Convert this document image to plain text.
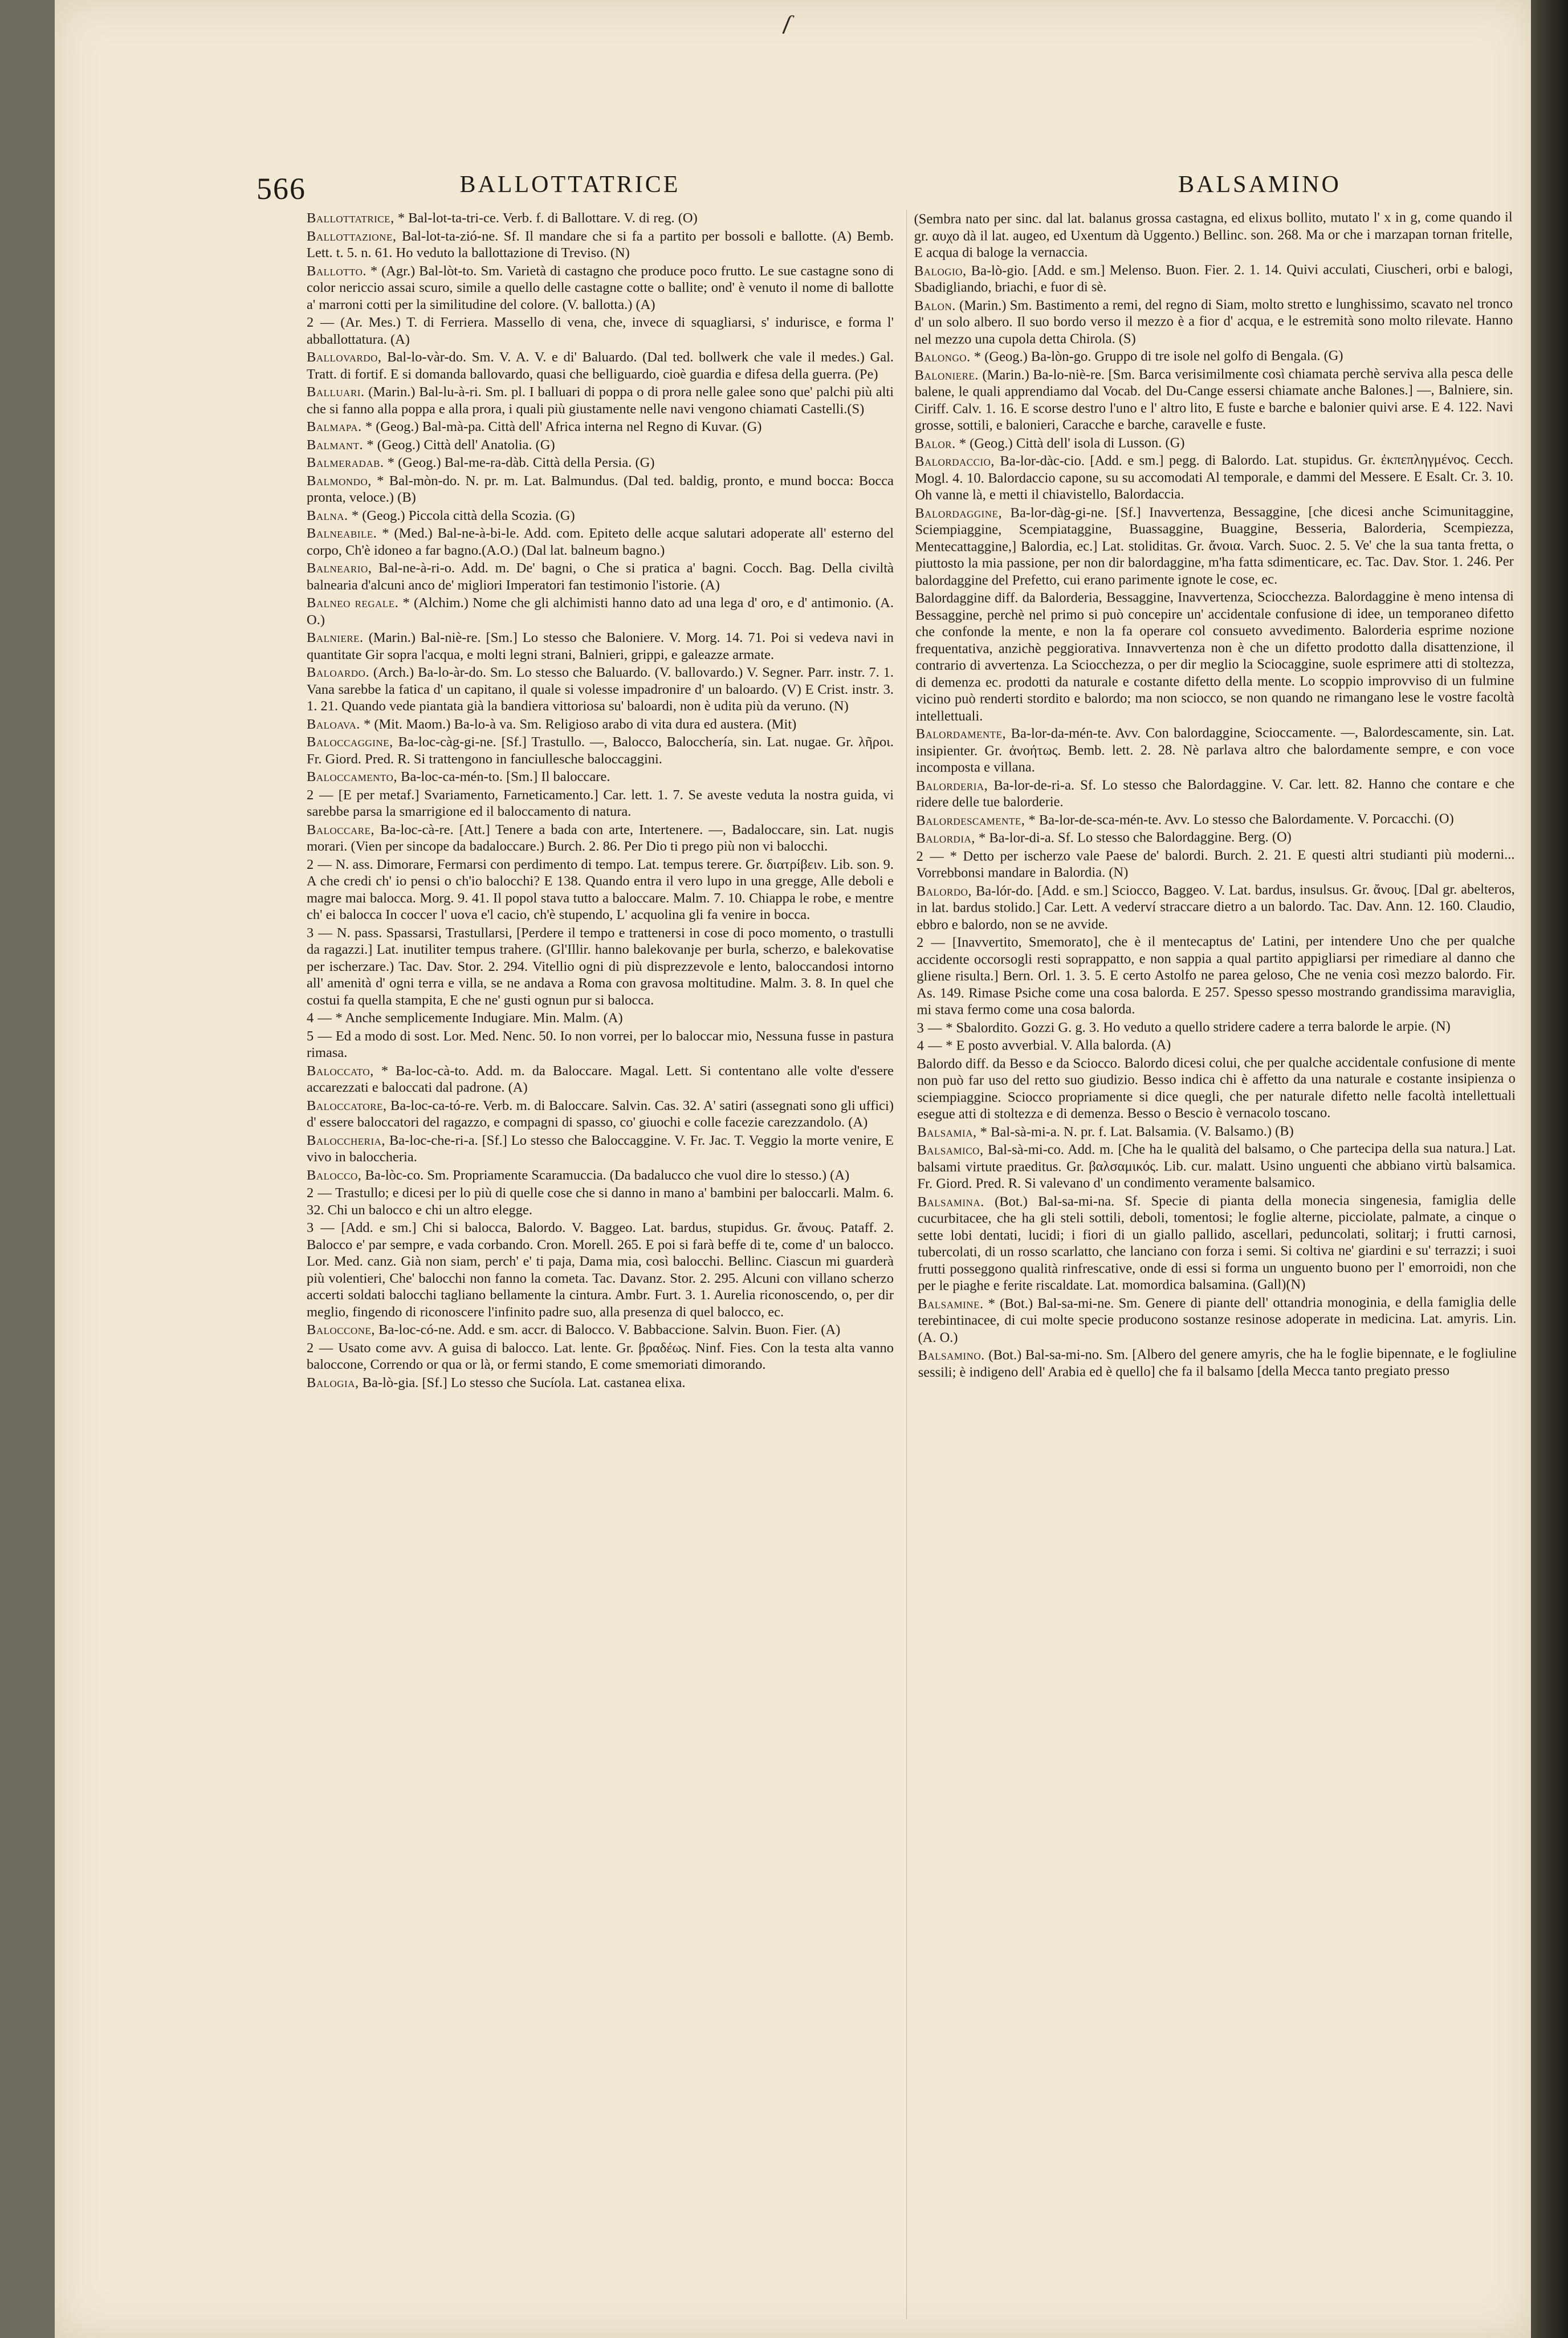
ſ
566	BALLOTTATRICE	BALSAMINO

Ballottatrice, * Bal-lot-ta-tri-ce. Verb. f. di Ballottare. V. di reg. (O)

Ballottazione, Bal-lot-ta-zió-ne. Sf. Il mandare che si fa a partito per bossoli e ballotte. (A) Bemb. Lett. t. 5. n. 61. Ho veduto la ballottazione di Treviso. (N)

Ballotto. * (Agr.) Bal-lòt-to. Sm. Varietà di castagno che produce poco frutto. Le sue castagne sono di color nericcio assai scuro, simile a quello delle castagne cotte o ballite; ond' è venuto il nome di ballotte a' marroni cotti per la similitudine del colore. (V. ballotta.) (A)

2 — (Ar. Mes.) T. di Ferriera. Massello di vena, che, invece di squagliarsi, s' indurisce, e forma l' abballottatura. (A)

Ballovardo, Bal-lo-vàr-do. Sm. V. A. V. e di' Baluardo. (Dal ted. bollwerk che vale il medes.) Gal. Tratt. di fortif. E si domanda ballovardo, quasi che belliguardo, cioè guardia e difesa della guerra. (Pe)

Balluari. (Marin.) Bal-lu-à-ri. Sm. pl. I balluari di poppa o di prora nelle galee sono que' palchi più alti che si fanno alla poppa e alla prora, i quali più giustamente nelle navi vengono chiamati Castelli.(S)

Balmapa. * (Geog.) Bal-mà-pa. Città dell' Africa interna nel Regno di Kuvar. (G)

Balmant. * (Geog.) Città dell' Anatolia. (G)

Balmeradab. * (Geog.) Bal-me-ra-dàb. Città della Persia. (G)

Balmondo, * Bal-mòn-do. N. pr. m. Lat. Balmundus. (Dal ted. baldig, pronto, e mund bocca: Bocca pronta, veloce.) (B)

Balna. * (Geog.) Piccola città della Scozia. (G)

Balneabile. * (Med.) Bal-ne-à-bi-le. Add. com. Epiteto delle acque salutari adoperate all' esterno del corpo, Ch'è idoneo a far bagno.(A.O.) (Dal lat. balneum bagno.)

Balneario, Bal-ne-à-ri-o. Add. m. De' bagni, o Che si pratica a' bagni. Cocch. Bag. Della civiltà balnearia d'alcuni anco de' migliori Imperatori fan testimonio l'istorie. (A)

Balneo regale. * (Alchim.) Nome che gli alchimisti hanno dato ad una lega d' oro, e d' antimonio. (A. O.)

Balniere. (Marin.) Bal-niè-re. [Sm.] Lo stesso che Baloniere. V. Morg. 14. 71. Poi si vedeva navi in quantitate Gir sopra l'acqua, e molti legni strani, Balnieri, grippi, e galeazze armate.

Baloardo. (Arch.) Ba-lo-àr-do. Sm. Lo stesso che Baluardo. (V. ballovardo.) V. Segner. Parr. instr. 7. 1. Vana sarebbe la fatica d' un capitano, il quale si volesse impadronire d' un baloardo. (V) E Crist. instr. 3. 1. 21. Quando vede piantata già la bandiera vittoriosa su' baloardi, non è udita più da veruno. (N)

Baloava. * (Mit. Maom.) Ba-lo-à va. Sm. Religioso arabo di vita dura ed austera. (Mit)

Baloccaggine, Ba-loc-càg-gi-ne. [Sf.] Trastullo. —, Balocco, Balocchería, sin. Lat. nugae. Gr. λῆροι. Fr. Giord. Pred. R. Si trattengono in fanciullesche baloccaggini.

Baloccamento, Ba-loc-ca-mén-to. [Sm.] Il baloccare.

2 — [E per metaf.] Svariamento, Farneticamento.] Car. lett. 1. 7. Se aveste veduta la nostra guida, vi sarebbe parsa la smarrigione ed il baloccamento di natura.

Baloccare, Ba-loc-cà-re. [Att.] Tenere a bada con arte, Intertenere. —, Badaloccare, sin. Lat. nugis morari. (Vien per sincope da badaloccare.) Burch. 2. 86. Per Dio ti prego più non vi balocchi.

2 — N. ass. Dimorare, Fermarsi con perdimento di tempo. Lat. tempus terere. Gr. διατρίβειν. Lib. son. 9. A che credi ch' io pensi o ch'io balocchi? E 138. Quando entra il vero lupo in una gregge, Alle deboli e magre mai balocca. Morg. 9. 41. Il popol stava tutto a baloccare. Malm. 7. 10. Chiappa le robe, e mentre ch' ei balocca In coccer l' uova e'l cacio, ch'è stupendo, L' acquolina gli fa venire in bocca.

3 — N. pass. Spassarsi, Trastullarsi, [Perdere il tempo e trattenersi in cose di poco momento, o trastulli da ragazzi.] Lat. inutiliter tempus trahere. (Gl'Illir. hanno balekovanje per burla, scherzo, e balekovatise per ischerzare.) Tac. Dav. Stor. 2. 294. Vitellio ogni di più disprezzevole e lento, baloccandosi intorno all' amenità d' ogni terra e villa, se ne andava a Roma con gravosa moltitudine. Malm. 3. 8. In quel che costui fa quella stampita, E che ne' gusti ognun pur si balocca.

4 — * Anche semplicemente Indugiare. Min. Malm. (A)

5 — Ed a modo di sost. Lor. Med. Nenc. 50. Io non vorrei, per lo baloccar mio, Nessuna fusse in pastura rimasa.

Baloccato, * Ba-loc-cà-to. Add. m. da Baloccare. Magal. Lett. Si contentano alle volte d'essere accarezzati e baloccati dal padrone. (A)

Baloccatore, Ba-loc-ca-tó-re. Verb. m. di Baloccare. Salvin. Cas. 32. A' satiri (assegnati sono gli uffici) d' essere baloccatori del ragazzo, e compagni di spasso, co' giuochi e colle facezie carezzandolo. (A)

Baloccheria, Ba-loc-che-ri-a. [Sf.] Lo stesso che Baloccaggine. V. Fr. Jac. T. Veggio la morte venire, E vivo in baloccheria.

Balocco, Ba-lòc-co. Sm. Propriamente Scaramuccia. (Da badalucco che vuol dire lo stesso.) (A)

2 — Trastullo; e dicesi per lo più di quelle cose che si danno in mano a' bambini per baloccarli. Malm. 6. 32. Chi un balocco e chi un altro elegge.

3 — [Add. e sm.] Chi si balocca, Balordo. V. Baggeo. Lat. bardus, stupidus. Gr. ἄνους. Pataff. 2. Balocco e' par sempre, e vada corbando. Cron. Morell. 265. E poi si farà beffe di te, come d' un balocco. Lor. Med. canz. Già non siam, perch' e' ti paja, Dama mia, così balocchi. Bellinc. Ciascun mi guarderà più volentieri, Che' balocchi non fanno la cometa. Tac. Davanz. Stor. 2. 295. Alcuni con villano scherzo accerti soldati balocchi tagliano bellamente la cintura. Ambr. Furt. 3. 1. Aurelia riconoscendo, o, per dir meglio, fingendo di riconoscere l'infinito padre suo, alla presenza di quel balocco, ec.

Baloccone, Ba-loc-có-ne. Add. e sm. accr. di Balocco. V. Babbaccione. Salvin. Buon. Fier. (A)

2 — Usato come avv. A guisa di balocco. Lat. lente. Gr. βραδέως. Ninf. Fies. Con la testa alta vanno baloccone, Correndo or qua or là, or fermi stando, E come smemoriati dimorando.

Balogia, Ba-lò-gia. [Sf.] Lo stesso che Sucíola. Lat. castanea elixa.

(Sembra nato per sinc. dal lat. balanus grossa castagna, ed elixus bollito, mutato l' x in g, come quando il gr. αυχο dà il lat. augeo, ed Uxentum dà Uggento.) Bellinc. son. 268. Ma or che i marzapan tornan fritelle, E acqua di baloge la vernaccia.

Balogio, Ba-lò-gio. [Add. e sm.] Melenso. Buon. Fier. 2. 1. 14. Quivi acculati, Ciuscheri, orbi e balogi, Sbadigliando, briachi, e fuor di sè.

Balon. (Marin.) Sm. Bastimento a remi, del regno di Siam, molto stretto e lunghissimo, scavato nel tronco d' un solo albero. Il suo bordo verso il mezzo è a fior d' acqua, e le estremità sono molto rilevate. Hanno nel mezzo una cupola detta Chirola. (S)

Balongo. * (Geog.) Ba-lòn-go. Gruppo di tre isole nel golfo di Bengala. (G)

Baloniere. (Marin.) Ba-lo-niè-re. [Sm. Barca verisimilmente così chiamata perchè serviva alla pesca delle balene, le quali apprendiamo dal Vocab. del Du-Cange essersi chiamate anche Balones.] —, Balniere, sin. Ciriff. Calv. 1. 16. E scorse destro l'uno e l' altro lito, E fuste e barche e balonier quivi arse. E 4. 122. Navi grosse, sottili, e balonieri, Caracche e barche, caravelle e fuste.

Balor. * (Geog.) Città dell' isola di Lusson. (G)

Balordaccio, Ba-lor-dàc-cio. [Add. e sm.] pegg. di Balordo. Lat. stupidus. Gr. ἐκπεπληγμένος. Cecch. Mogl. 4. 10. Balordaccio capone, su su accomodati Al temporale, e dammi del Messere. E Esalt. Cr. 3. 10. Oh vanne là, e metti il chiavistello, Balordaccia.

Balordaggine, Ba-lor-dàg-gi-ne. [Sf.] Inavvertenza, Bessaggine, [che dicesi anche Scimunitaggine, Sciempiaggine, Scempiataggine, Buassaggine, Buaggine, Besseria, Balorderia, Scempiezza, Mentecattaggine,] Balordia, ec.] Lat. stoliditas. Gr. ἄνοια. Varch. Suoc. 2. 5. Ve' che la sua tanta fretta, o piuttosto la mia passione, per non dir balordaggine, m'ha fatta sdimenticare, ec. Tac. Dav. Stor. 1. 246. Per balordaggine del Prefetto, cui erano parimente ignote le cose, ec.

Balordaggine diff. da Balorderia, Bessaggine, Inavvertenza, Sciocchezza. Balordaggine è meno intensa di Bessaggine, perchè nel primo si può concepire un' accidentale confusione di idee, un temporaneo difetto che confonde la mente, e non la fa operare col consueto avvedimento. Balorderia esprime nozione frequentativa, anzichè peggiorativa. Innavvertenza non è che un difetto prodotto dalla disattenzione, il contrario di avvertenza. La Sciocchezza, o per dir meglio la Sciocaggine, suole esprimere atti di stoltezza, di demenza ec. prodotti da naturale e costante difetto della mente. Lo scoppio improvviso di un fulmine vicino può renderti stordito e balordo; ma non sciocco, se non quando ne rimangano lese le vostre facoltà intellettuali.

Balordamente, Ba-lor-da-mén-te. Avv. Con balordaggine, Scioccamente. —, Balordescamente, sin. Lat. insipienter. Gr. ἀνοήτως. Bemb. lett. 2. 28. Nè parlava altro che balordamente sempre, e con voce incomposta e villana.

Balorderia, Ba-lor-de-ri-a. Sf. Lo stesso che Balordaggine. V. Car. lett. 82. Hanno che contare e che ridere delle tue balorderie.

Balordescamente, * Ba-lor-de-sca-mén-te. Avv. Lo stesso che Balordamente. V. Porcacchi. (O)

Balordia, * Ba-lor-di-a. Sf. Lo stesso che Balordaggine. Berg. (O)

2 — * Detto per ischerzo vale Paese de' balordi. Burch. 2. 21. E questi altri studianti più moderni... Vorrebbonsi mandare in Balordia. (N)

Balordo, Ba-lór-do. [Add. e sm.] Sciocco, Baggeo. V. Lat. bardus, insulsus. Gr. ἄνους. [Dal gr. abelteros, in lat. bardus stolido.] Car. Lett. A vederví straccare dietro a un balordo. Tac. Dav. Ann. 12. 160. Claudio, ebbro e balordo, non se ne avvide.

2 — [Inavvertito, Smemorato], che è il mentecaptus de' Latini, per intendere Uno che per qualche accidente occorsogli resti soprappatto, e non sappia a qual partito appigliarsi per rimediare al danno che gliene risulta.] Bern. Orl. 1. 3. 5. E certo Astolfo ne parea geloso, Che ne venia così mezzo balordo. Fir. As. 149. Rimase Psiche come una cosa balorda. E 257. Spesso spesso mostrando grandissima maraviglia, mi stava fermo come una cosa balorda.

3 — * Sbalordito. Gozzi G. g. 3. Ho veduto a quello stridere cadere a terra balorde le arpie. (N)

4 — * E posto avverbial. V. Alla balorda. (A)

Balordo diff. da Besso e da Sciocco. Balordo dicesi colui, che per qualche accidentale confusione di mente non può far uso del retto suo giudizio. Besso indica chi è affetto da una naturale e costante insipienza o sciempiaggine. Sciocco propriamente si dice quegli, che per naturale difetto nelle facoltà intellettuali esegue atti di stoltezza e di demenza. Besso o Bescio è vernacolo toscano.

Balsamia, * Bal-sà-mi-a. N. pr. f. Lat. Balsamia. (V. Balsamo.) (B)

Balsamico, Bal-sà-mi-co. Add. m. [Che ha le qualità del balsamo, o Che partecipa della sua natura.] Lat. balsami virtute praeditus. Gr. βαλσαμικός. Lib. cur. malatt. Usino unguenti che abbiano virtù balsamica. Fr. Giord. Pred. R. Si valevano d' un condimento veramente balsamico.

Balsamina. (Bot.) Bal-sa-mi-na. Sf. Specie di pianta della monecia singenesia, famiglia delle cucurbitacee, che ha gli steli sottili, deboli, tomentosi; le foglie alterne, picciolate, palmate, a cinque o sette lobi dentati, lucidi; i fiori di un giallo pallido, ascellari, peduncolati, solitarj; i frutti carnosi, tubercolati, di un rosso scarlatto, che lanciano con forza i semi. Si coltiva ne' giardini e su' terrazzi; i suoi frutti posseggono qualità rinfrescative, onde di essi si forma un unguento buono per l' emorroidi, non che per le piaghe e ferite riscaldate. Lat. momordica balsamina. (Gall)(N)

Balsamine. * (Bot.) Bal-sa-mi-ne. Sm. Genere di piante dell' ottandria monoginia, e della famiglia delle terebintinacee, di cui molte specie producono sostanze resinose adoperate in medicina. Lat. amyris. Lin. (A. O.)

Balsamino. (Bot.) Bal-sa-mi-no. Sm. [Albero del genere amyris, che ha le foglie bipennate, e le fogliuline sessili; è indigeno dell' Arabia ed è quello] che fa il balsamo [della Mecca tanto pregiato presso
